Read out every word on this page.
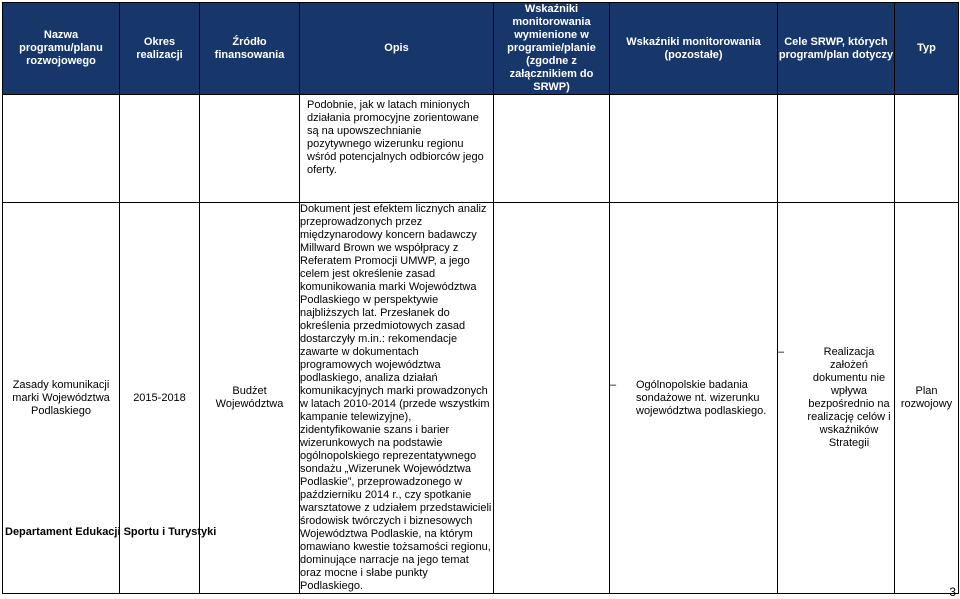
Nazwa programu/planu rozwojowego	Okres realizacji	Źródło finansowania	Opis	Wskaźniki monitorowania wymienione w programie/planie (zgodne z załącznikiem do SRWP)	Wskaźniki monitorowania (pozostałe)	Cele SRWP, których program/plan dotyczy	Typ
			Podobnie, jak w latach minionych działania promocyjne zorientowane są na upowszechnianie pozytywnego wizerunku regionu wśród potencjalnych odbiorców jego oferty.				
Zasady komunikacji marki Województwa Podlaskiego	2015-2018	Budżet Województwa	Dokument jest efektem licznych analiz przeprowadzonych przez międzynarodowy koncern badawczy Millward Brown we współpracy z Referatem Promocji UMWP, a jego celem jest określenie zasad komunikowania marki Województwa Podlaskiego w perspektywie najbliższych lat. Przesłanek do określenia przedmiotowych zasad dostarczyły m.in.: rekomendacje zawarte w dokumentach programowych województwa podlaskiego, analiza działań komunikacyjnych marki prowadzonych w latach 2010-2014 (przede wszystkim kampanie telewizyjne), zidentyfikowanie szans i barier wizerunkowych na podstawie ogólnopolskiego reprezentatywnego sondażu „Wizerunek Województwa Podlaskie”, przeprowadzonego w październiku 2014 r., czy spotkanie warsztatowe z udziałem przedstawicieli środowisk twórczych i biznesowych Województwa Podlaskie, na którym omawiano kwestie tożsamości regionu, dominujące narracje na jego temat oraz mocne i słabe punkty Podlaskiego.		– Ogólnopolskie badania sondażowe nt. wizerunku województwa podlaskiego.	– Realizacja założeń dokumentu nie wpływa bezpośrednio na realizację celów i wskaźników Strategii	Plan rozwojowy
Departament Edukacji Sportu i Turystyki
3
